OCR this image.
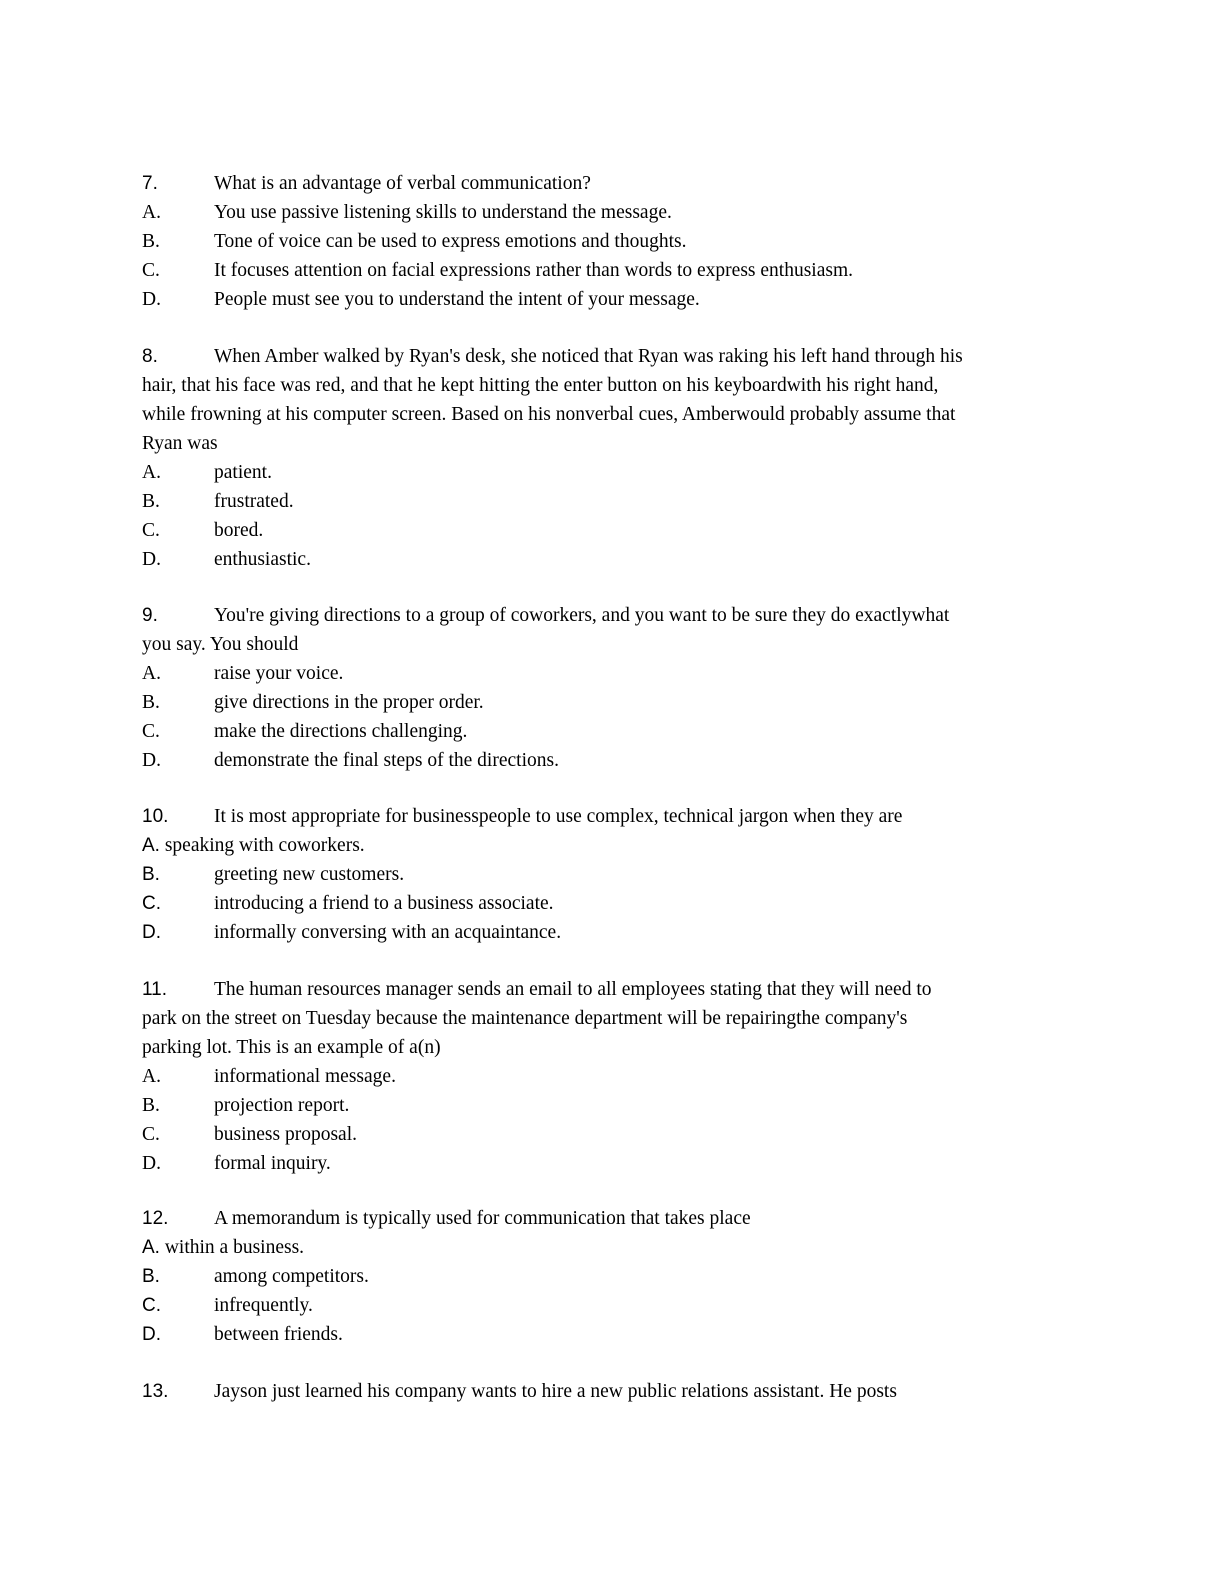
7.	What is an advantage of verbal communication?
A.	You use passive listening skills to understand the message.
B.	Tone of voice can be used to express emotions and thoughts.
C.	It focuses attention on facial expressions rather than words to express enthusiasm.
D.	People must see you to understand the intent of your message.
8.	When Amber walked by Ryan's desk, she noticed that Ryan was raking his left hand through his
hair, that his face was red, and that he kept hitting the enter button on his keyboardwith his right hand,
while frowning at his computer screen. Based on his nonverbal cues, Amberwould probably assume that
Ryan was
A.	patient.
B.	frustrated.
C.	bored.
D.	enthusiastic.
9.	You're giving directions to a group of coworkers, and you want to be sure they do exactlywhat
you say. You should
A.	raise your voice.
B.	give directions in the proper order.
C.	make the directions challenging.
D.	demonstrate the final steps of the directions.
10. It is most appropriate for businesspeople to use complex, technical jargon when they are
A. speaking with coworkers.
B.	greeting new customers.
C.	introducing a friend to a business associate.
D.	informally conversing with an acquaintance.
11. The human resources manager sends an email to all employees stating that they will need to
park on the street on Tuesday because the maintenance department will be repairingthe company's
parking lot. This is an example of a(n)
A.	informational message.
B.	projection report.
C.	business proposal.
D.	formal inquiry.
12. A memorandum is typically used for communication that takes place
A. within a business.
B.	among competitors.
C.	infrequently.
D.	between friends.
13. Jayson just learned his company wants to hire a new public relations assistant. He posts
